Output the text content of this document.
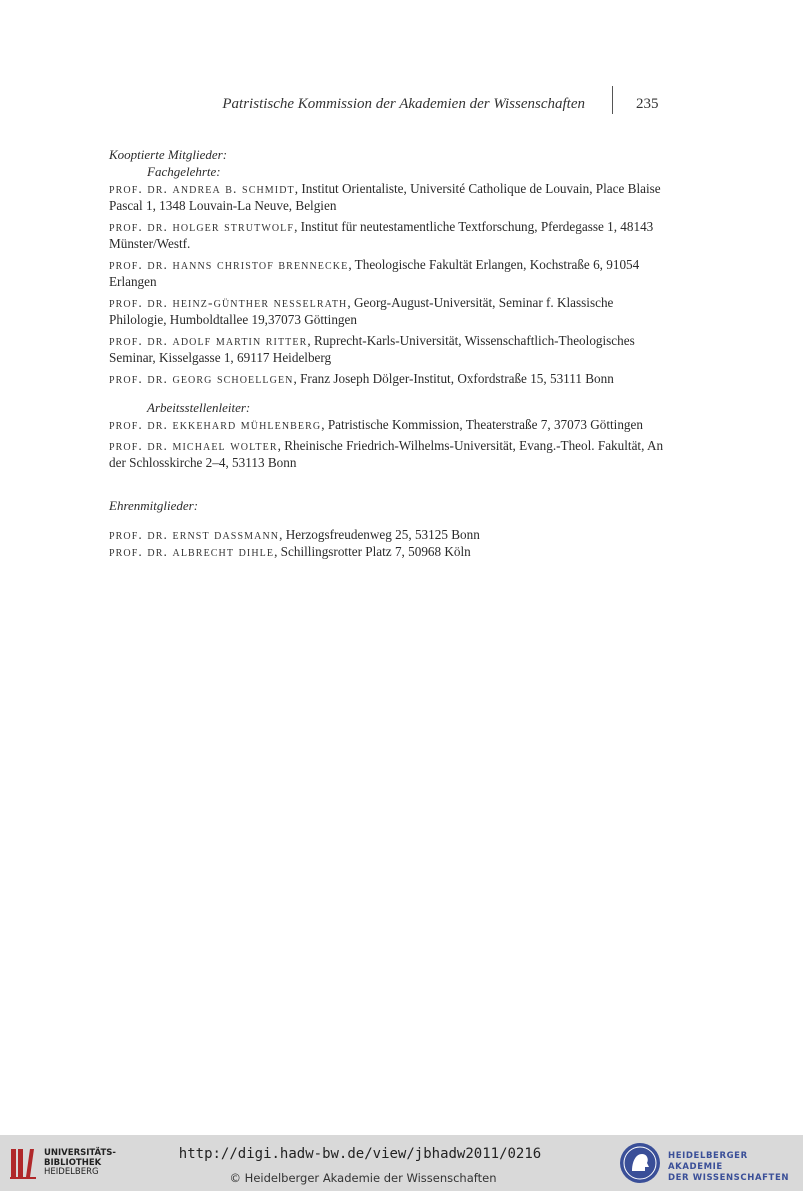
Patristische Kommission der Akademien der Wissenschaften	235

Kooptierte Mitglieder:

Fachgelehrte:

prof. dr. andrea b. schmidt, Institut Orientaliste, Université Catholique de Louvain, Place Blaise Pascal 1, 1348 Louvain-La Neuve, Belgien

prof. dr. holger strutwolf, Institut für neutestamentliche Textforschung, Pferdegasse 1, 48143 Münster/Westf.

prof. dr. hanns christof brennecke, Theologische Fakultät Erlangen, Kochstraße 6, 91054 Erlangen

prof. dr. heinz-günther nesselrath, Georg-August-Universität, Seminar f. Klassische Philologie, Humboldtallee 19,37073 Göttingen

prof. dr. adolf martin ritter, Ruprecht-Karls-Universität, Wissenschaftlich-Theologisches Seminar, Kisselgasse 1, 69117 Heidelberg

prof. dr. georg schoellgen, Franz Joseph Dölger-Institut, Oxfordstraße 15, 53111 Bonn

Arbeitsstellenleiter:

prof. dr. ekkehard mühlenberg, Patristische Kommission, Theaterstraße 7, 37073 Göttingen

prof. dr. michael wolter, Rheinische Friedrich-Wilhelms-Universität, Evang.-Theol. Fakultät, An der Schlosskirche 2–4, 53113 Bonn

Ehrenmitglieder:

prof. dr. ernst dassmann, Herzogsfreudenweg 25, 53125 Bonn

prof. dr. albrecht dihle, Schillingsrotter Platz 7, 50968 Köln

UNIVERSITÄTS-
BIBLIOTHEK
HEIDELBERG
http://digi.hadw-bw.de/view/jbhadw2011/0216
© Heidelberger Akademie der Wissenschaften
HEIDELBERGER AKADEMIE
DER WISSENSCHAFTEN
